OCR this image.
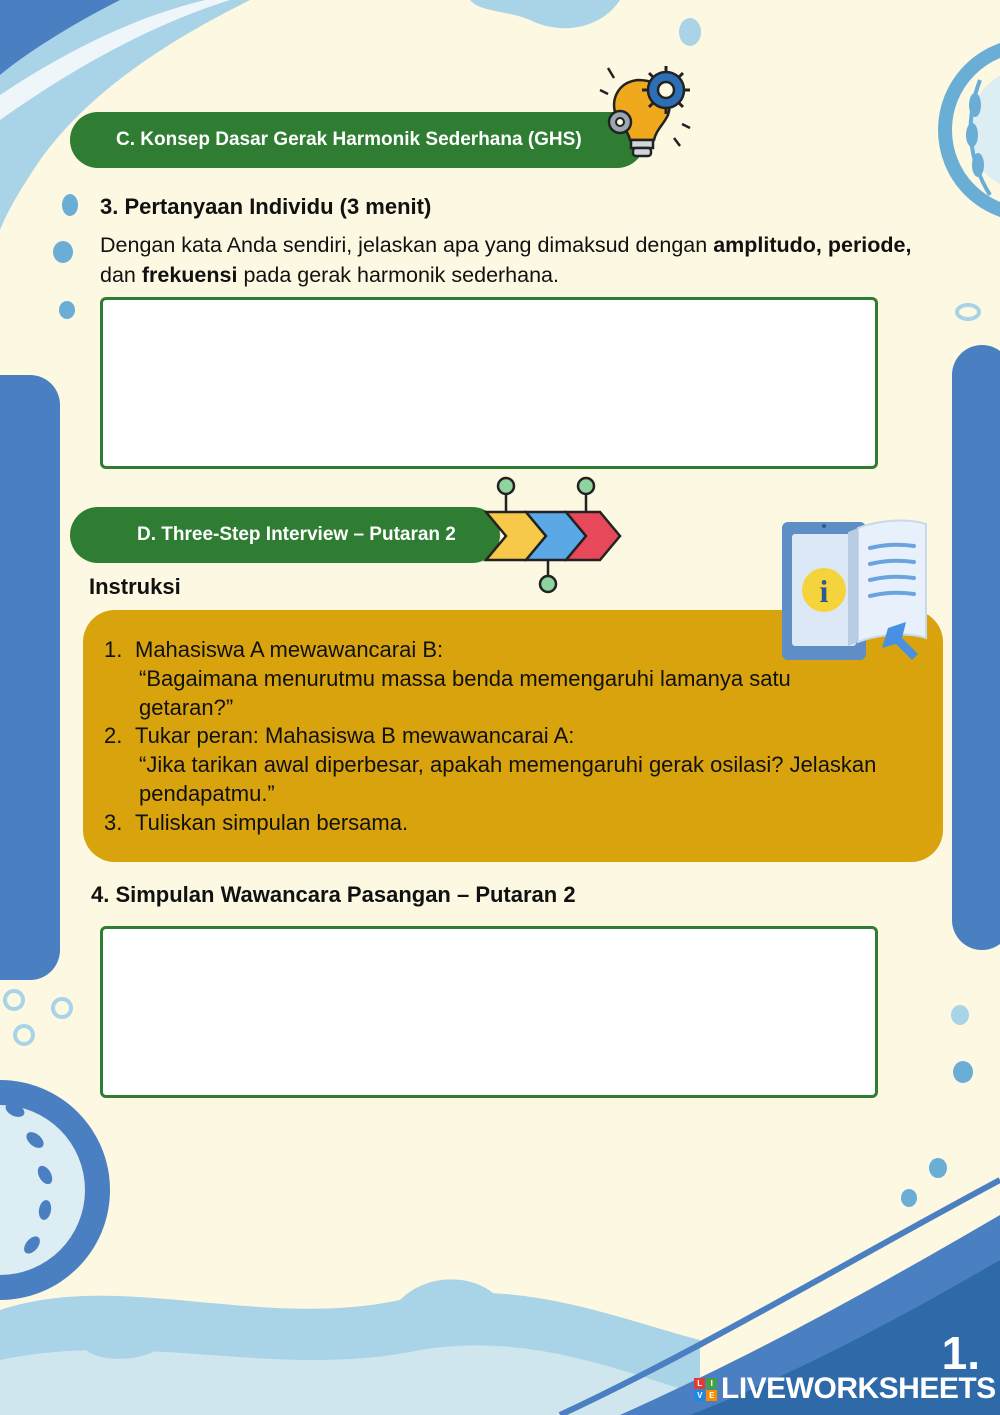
C. Konsep Dasar Gerak Harmonik Sederhana (GHS)
3. Pertanyaan Individu (3 menit)
Dengan kata Anda sendiri, jelaskan apa yang dimaksud dengan amplitudo, periode, dan frekuensi pada gerak harmonik sederhana.
D. Three-Step Interview – Putaran 2
Instruksi	i
1. Mahasiswa A mewawancarai B:
“Bagaimana menurutmu massa benda memengaruhi lamanya satu getaran?”
2. Tukar peran: Mahasiswa B mewawancarai A:
“Jika tarikan awal diperbesar, apakah memengaruhi gerak osilasi? Jelaskan pendapatmu.”
3. Tuliskan simpulan bersama.
4. Simpulan Wawancara Pasangan – Putaran 2
1.
L	I
V E LIVEWORKSHEETS
